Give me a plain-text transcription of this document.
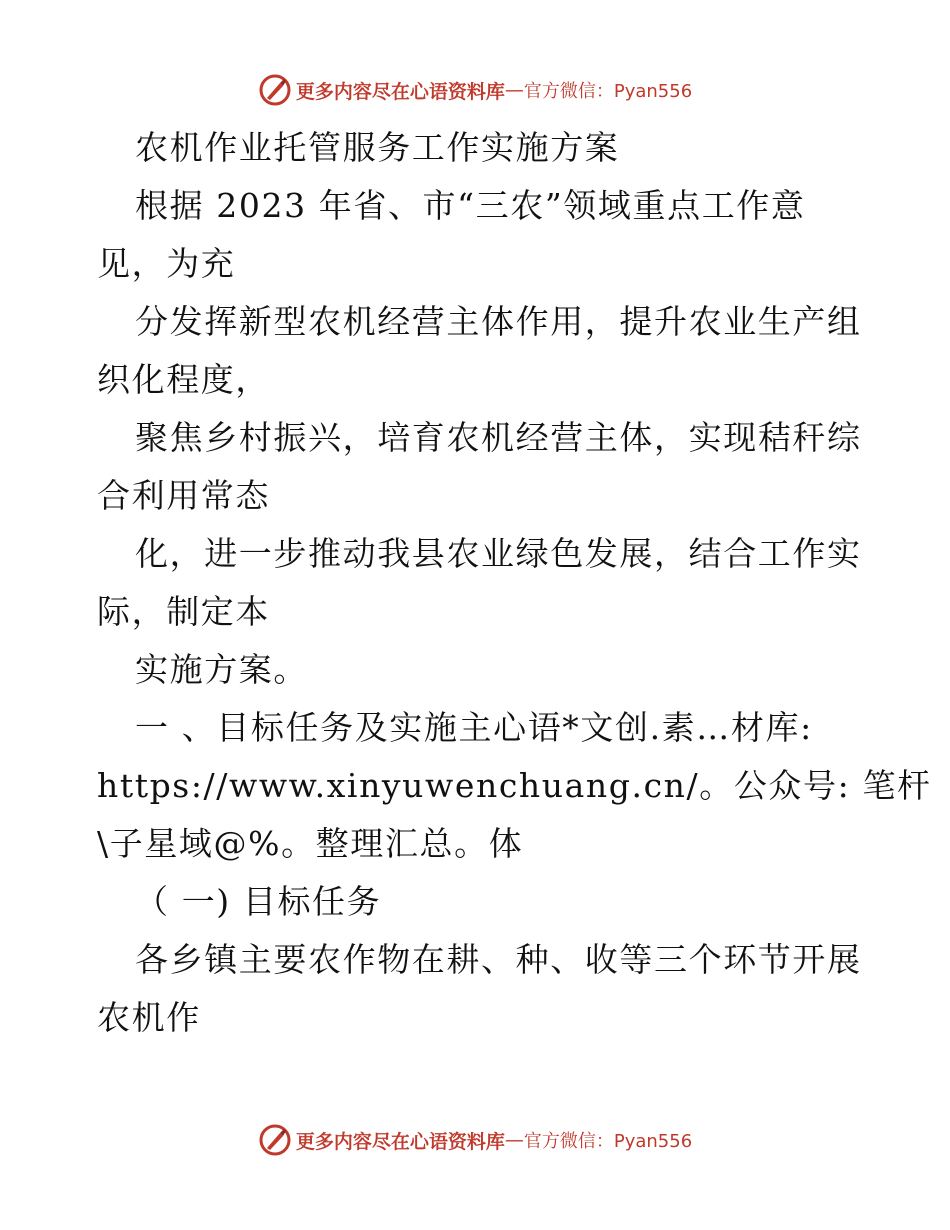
更多内容尽在心语资料库 — 官方微信：Pyan556
农机作业托管服务工作实施方案
根据 2023 年省、市“三农”领域重点工作意
见，为充
分发挥新型农机经营主体作用，提升农业生产组
织化程度，
聚焦乡村振兴，培育农机经营主体，实现秸秆综
合利用常态
化，进一步推动我县农业绿色发展，结合工作实
际，制定本
实施方案。
一 、目标任务及实施主心语*文创.素…材库:
https://www.xinyuwenchuang.cn/。公众号: 笔杆
\子星域@%。整理汇总。体
（ 一) 目标任务
各乡镇主要农作物在耕、种、收等三个环节开展
农机作
更多内容尽在心语资料库 — 官方微信：Pyan556
